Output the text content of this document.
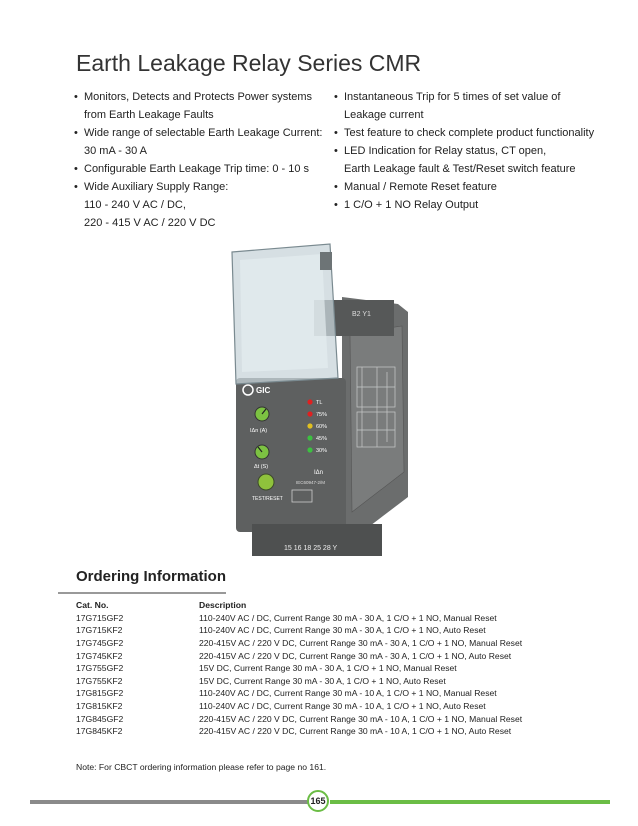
Earth Leakage Relay Series CMR
• Monitors, Detects and Protects Power systems
from Earth Leakage Faults
• Wide range of selectable Earth Leakage Current:
30 mA - 30 A
• Configurable Earth Leakage Trip time: 0 - 10 s
• Wide Auxiliary Supply Range:
110 - 240 V AC / DC,
220 - 415 V AC / 220 V DC
• Instantaneous Trip for 5 times of set value of
Leakage current
• Test feature to check complete product functionality
• LED Indication for Relay status, CT open,
Earth Leakage fault & Test/Reset switch feature
• Manual / Remote Reset feature
• 1 C/O + 1 NO Relay Output
B2 Y1
15 16 18 25 28 Y
GIC
IΔn (A)
Δt (S)
TL
75%
60%
45%
30%
IΔn
IEC60947-2/M
TEST/RESET
Ordering Information
Cat. No.	Description
17G715GF2	110-240V AC / DC, Current Range 30 mA - 30 A, 1 C/O + 1 NO, Manual Reset
17G715KF2	110-240V AC / DC, Current Range 30 mA - 30 A, 1 C/O + 1 NO, Auto Reset
17G745GF2	220-415V AC / 220 V DC, Current Range 30 mA - 30 A, 1 C/O + 1 NO, Manual Reset
17G745KF2	220-415V AC / 220 V DC, Current Range 30 mA - 30 A, 1 C/O + 1 NO, Auto Reset
17G755GF2	15V DC, Current Range 30 mA - 30 A, 1 C/O + 1 NO, Manual Reset
17G755KF2	15V DC, Current Range 30 mA - 30 A, 1 C/O + 1 NO, Auto Reset
17G815GF2	110-240V AC / DC, Current Range 30 mA - 10 A, 1 C/O + 1 NO, Manual Reset
17G815KF2	110-240V AC / DC, Current Range 30 mA - 10 A, 1 C/O + 1 NO, Auto Reset
17G845GF2	220-415V AC / 220 V DC, Current Range 30 mA - 10 A, 1 C/O + 1 NO, Manual Reset
17G845KF2	220-415V AC / 220 V DC, Current Range 30 mA - 10 A, 1 C/O + 1 NO, Auto Reset
Note: For CBCT ordering information please refer to page no 161.
165
